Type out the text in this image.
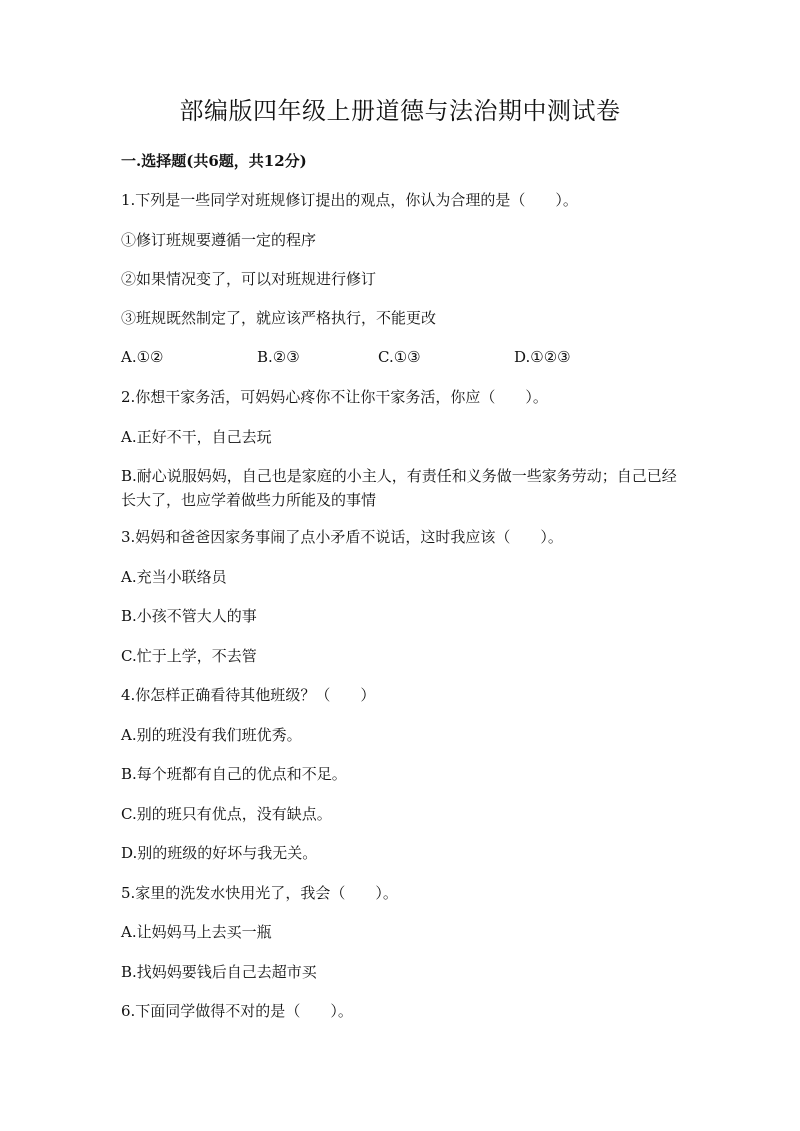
部编版四年级上册道德与法治期中测试卷
一.选择题(共6题，共12分)
1.下列是一些同学对班规修订提出的观点，你认为合理的是（　　）。
①修订班规要遵循一定的程序
②如果情况变了，可以对班规进行修订
③班规既然制定了，就应该严格执行，不能更改
A.①②	B.②③	C.①③	D.①②③
2.你想干家务活，可妈妈心疼你不让你干家务活，你应（　　）。
A.正好不干，自己去玩
B.耐心说服妈妈，自己也是家庭的小主人，有责任和义务做一些家务劳动；自己已经长大了，也应学着做些力所能及的事情
3.妈妈和爸爸因家务事闹了点小矛盾不说话，这时我应该（　　）。
A.充当小联络员
B.小孩不管大人的事
C.忙于上学，不去管
4.你怎样正确看待其他班级？（　　）
A.别的班没有我们班优秀。
B.每个班都有自己的优点和不足。
C.别的班只有优点，没有缺点。
D.别的班级的好坏与我无关。
5.家里的洗发水快用光了，我会（　　）。
A.让妈妈马上去买一瓶
B.找妈妈要钱后自己去超市买
6.下面同学做得不对的是（　　）。
